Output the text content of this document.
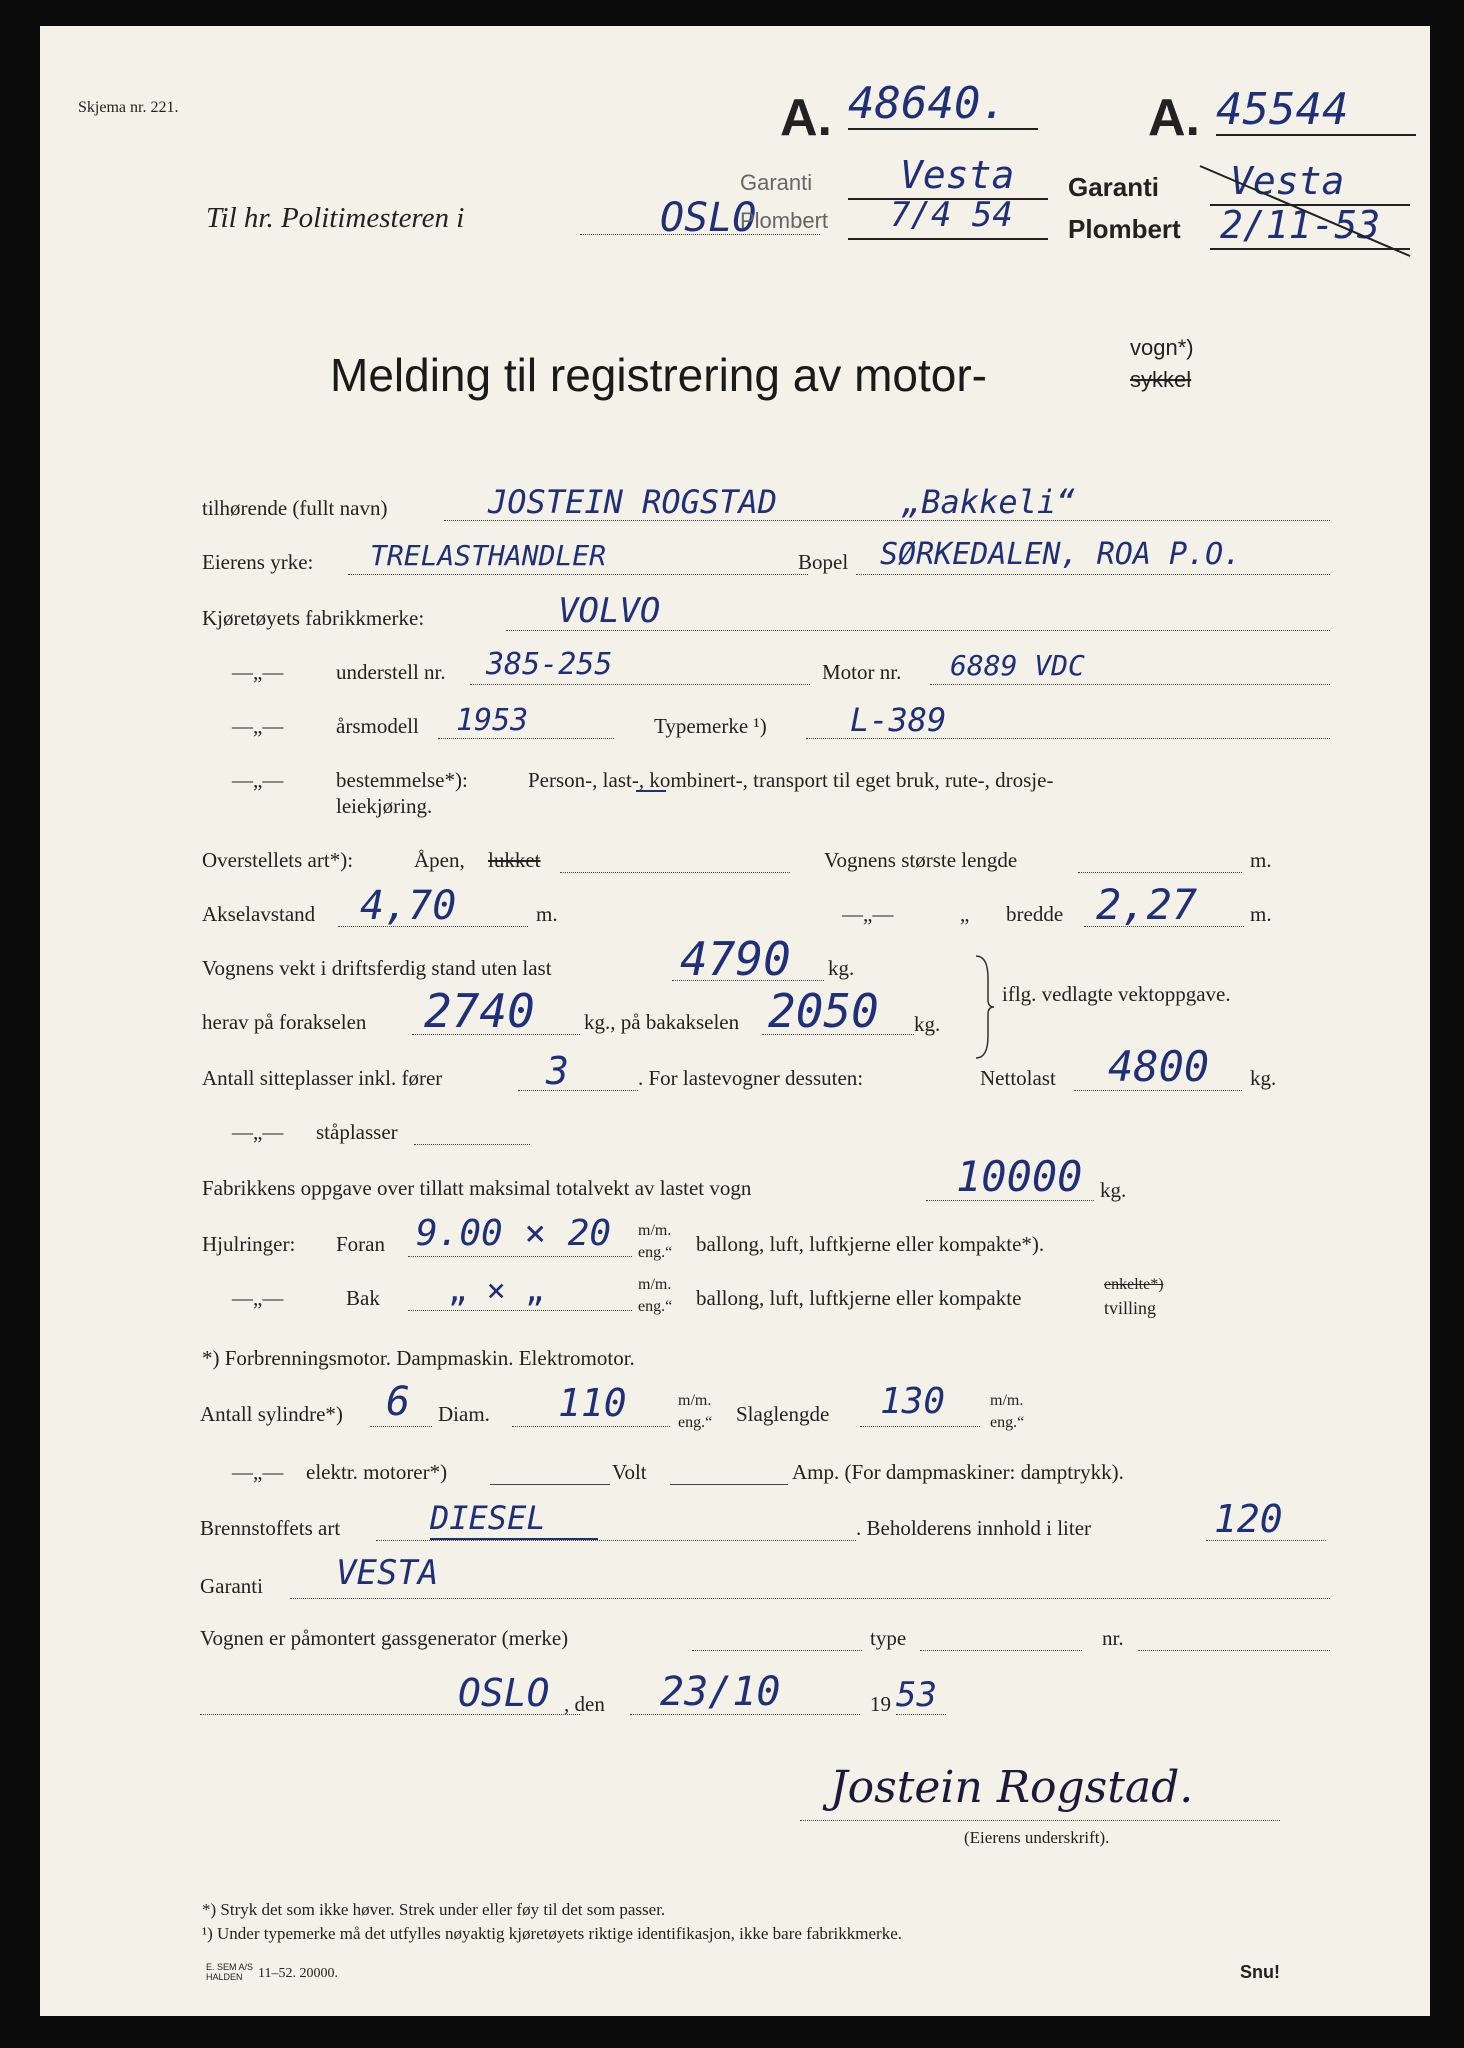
Skjema nr. 221.
Til hr. Politimesteren i	OSLO
A. 48640.
Garanti Vesta
Plombert 7/4 54
A. 45544
Garanti Vesta
Plombert 2/11-53
Melding til registrering av motor-
vogn*)
sykkel
tilhørende (fullt navn)	JOSTEIN ROGSTAD	„Bakkeli“
Eierens yrke: TRELASTHANDLER	Bopel SØRKEDALEN, ROA P.O.
Kjøretøyets fabrikkmerke:	VOLVO
—„—	understell nr. 385-255	Motor nr. 6889 VDC
—„—	årsmodell 1953	Typemerke ¹)	L-389
—„—	bestemmelse*):	Person-, last-, kombinert-, transport til eget bruk, rute-, drosje-
leiekjøring.
Overstellets art*):	Åpen, lukket	Vognens største lengde	m.
Akselavstand 4,70	m.	—„—	„ bredde 2,27	m.
Vognens vekt i driftsferdig stand uten last	4790 kg.
herav på forakselen 2740 kg., på bakakselen 2050 kg.
iflg. vedlagte vektoppgave.
Antall sitteplasser inkl. fører	3	. For lastevogner dessuten:	Nettolast 4800 kg.
—„— ståplasser
Fabrikkens oppgave over tillatt maksimal totalvekt av lastet vogn	10000 kg.
Hjulringer: Foran 9.00 × 20 m/m.
eng.“ ballong, luft, luftkjerne eller kompakte*).
—„—	Bak „ × „	m/m.
eng.“ ballong, luft, luftkjerne eller kompakte
enkelte*)
tvilling
*) Forbrenningsmotor. Dampmaskin. Elektromotor.
Antall sylindre*) 6 Diam. 110	m/m.
eng.“ Slaglengde 130	m/m.
eng.“
—„— elektr. motorer*)	Volt	Amp. (For dampmaskiner: damptrykk).
Brennstoffets art	DIESEL	. Beholderens innhold i liter	120
Garanti VESTA
Vognen er påmontert gassgenerator (merke)	type	nr.
OSLO , den 23/10	19 53
Jostein Rogstad.
(Eierens underskrift).
*) Stryk det som ikke høver. Strek under eller føy til det som passer.
¹) Under typemerke må det utfylles nøyaktig kjøretøyets riktige identifikasjon, ikke bare fabrikkmerke.
E. SEM A/S
HALDEN	11–52. 20000.	Snu!
